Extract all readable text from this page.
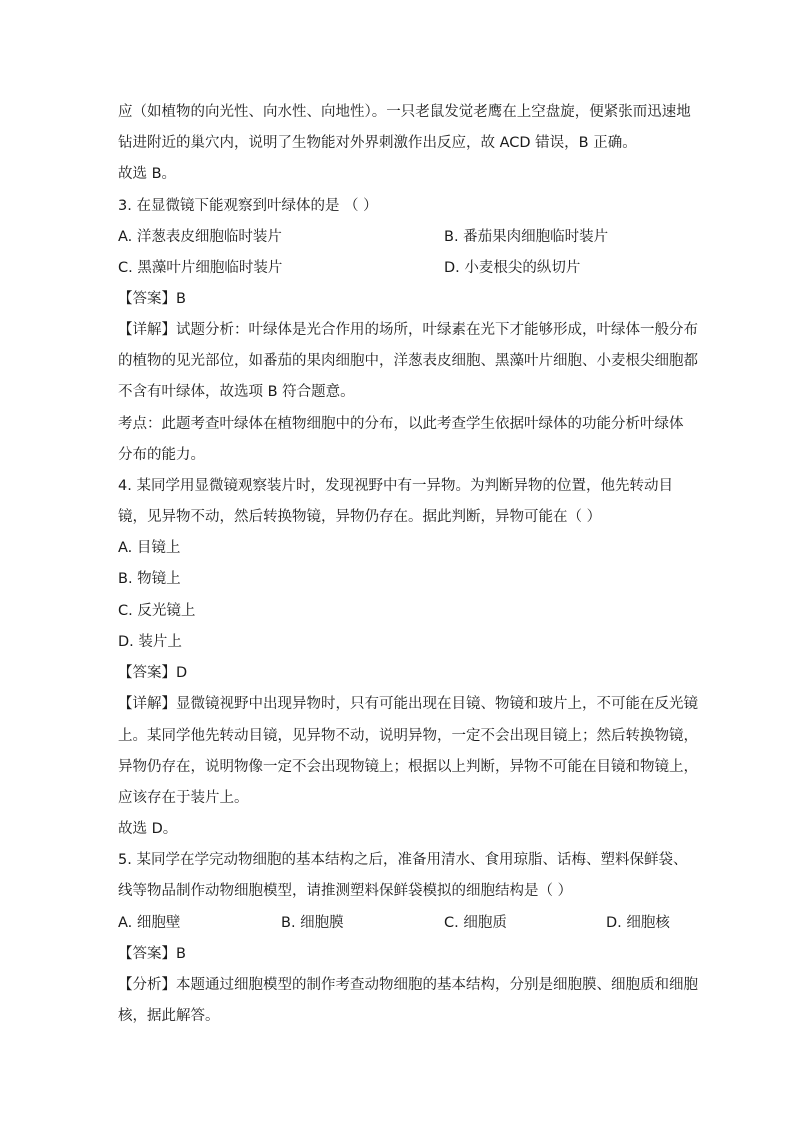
应（如植物的向光性、向水性、向地性）。一只老鼠发觉老鹰在上空盘旋，便紧张而迅速地
钻进附近的巢穴内，说明了生物能对外界刺激作出反应，故 ACD 错误，B 正确。
故选 B。
3. 在显微镜下能观察到叶绿体的是 （ ）
A. 洋葱表皮细胞临时装片	B. 番茄果肉细胞临时装片
C. 黑藻叶片细胞临时装片	D. 小麦根尖的纵切片
【答案】B
【详解】试题分析：叶绿体是光合作用的场所，叶绿素在光下才能够形成，叶绿体一般分布
的植物的见光部位，如番茄的果肉细胞中，洋葱表皮细胞、黑藻叶片细胞、小麦根尖细胞都
不含有叶绿体，故选项 B 符合题意。
考点：此题考查叶绿体在植物细胞中的分布，以此考查学生依据叶绿体的功能分析叶绿体
分布的能力。
4. 某同学用显微镜观察装片时，发现视野中有一异物。为判断异物的位置，他先转动目
镜，见异物不动，然后转换物镜，异物仍存在。据此判断，异物可能在（ ）
A. 目镜上
B. 物镜上
C. 反光镜上
D. 装片上
【答案】D
【详解】显微镜视野中出现异物时，只有可能出现在目镜、物镜和玻片上，不可能在反光镜
上。某同学他先转动目镜，见异物不动，说明异物，一定不会出现目镜上；然后转换物镜，
异物仍存在，说明物像一定不会出现物镜上；根据以上判断，异物不可能在目镜和物镜上，
应该存在于装片上。
故选 D。
5. 某同学在学完动物细胞的基本结构之后，准备用清水、食用琼脂、话梅、塑料保鲜袋、
线等物品制作动物细胞模型，请推测塑料保鲜袋模拟的细胞结构是（ ）
A. 细胞壁	B. 细胞膜	C. 细胞质	D. 细胞核
【答案】B
【分析】本题通过细胞模型的制作考查动物细胞的基本结构，分别是细胞膜、细胞质和细胞
核，据此解答。
